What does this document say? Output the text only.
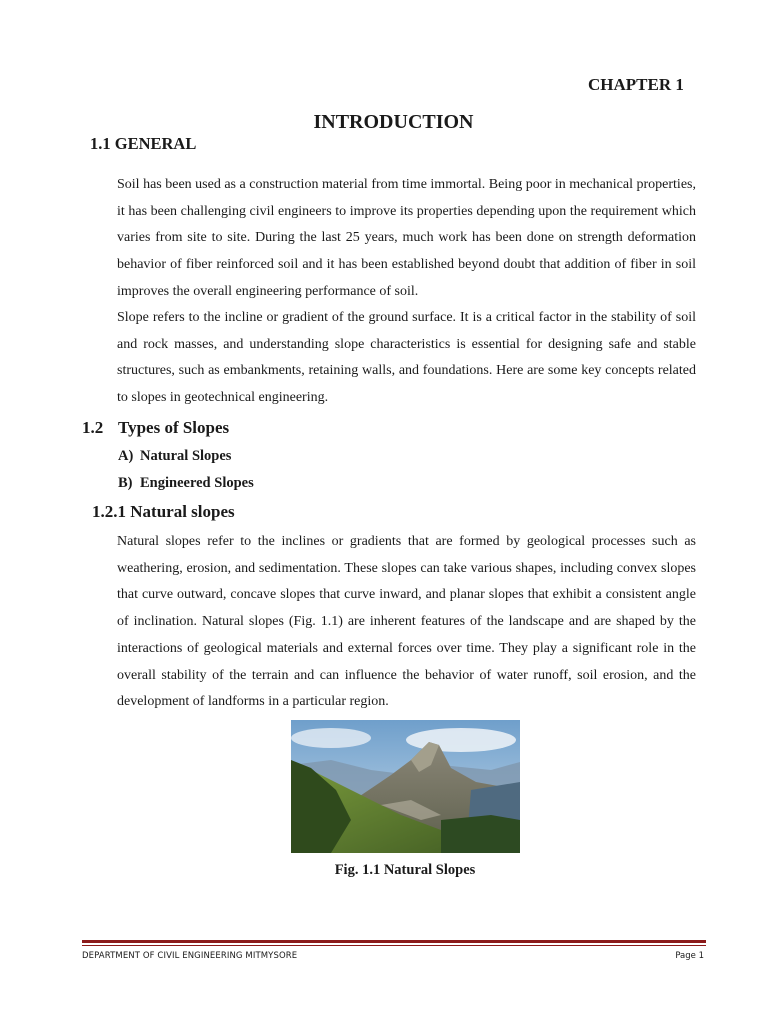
CHAPTER 1
INTRODUCTION
1.1 GENERAL

Soil has been used as a construction material from time immortal. Being poor in mechanical properties, it has been challenging civil engineers to improve its properties depending upon the requirement which varies from site to site. During the last 25 years, much work has been done on strength deformation behavior of fiber reinforced soil and it has been established beyond doubt that addition of fiber in soil improves the overall engineering performance of soil.

Slope refers to the incline or gradient of the ground surface. It is a critical factor in the stability of soil and rock masses, and understanding slope characteristics is essential for designing safe and stable structures, such as embankments, retaining walls, and foundations. Here are some key concepts related to slopes in geotechnical engineering.

1.2 Types of Slopes
A) Natural Slopes
B) Engineered Slopes
1.2.1 Natural slopes

Natural slopes refer to the inclines or gradients that are formed by geological processes such as weathering, erosion, and sedimentation. These slopes can take various shapes, including convex slopes that curve outward, concave slopes that curve inward, and planar slopes that exhibit a consistent angle of inclination. Natural slopes (Fig. 1.1) are inherent features of the landscape and are shaped by the interactions of geological materials and external forces over time. They play a significant role in the overall stability of the terrain and can influence the behavior of water runoff, soil erosion, and the development of landforms in a particular region.

Fig. 1.1 Natural Slopes
DEPARTMENT OF CIVIL ENGINEERING MITMYSORE	Page 1
